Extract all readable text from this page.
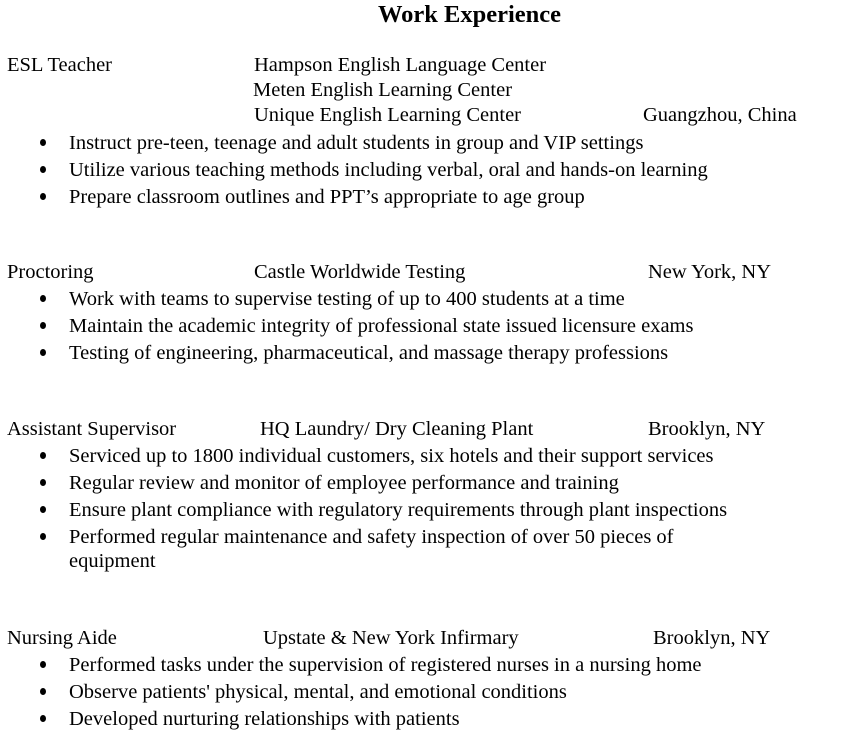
Work Experience
ESL Teacher	Hampson English Language Center
Meten English Learning Center
Unique English Learning Center	Guangzhou, China
Instruct pre-teen, teenage and adult students in group and VIP settings
Utilize various teaching methods including verbal, oral and hands-on learning
Prepare classroom outlines and PPT’s appropriate to age group
Proctoring	Castle Worldwide Testing	New York, NY
Work with teams to supervise testing of up to 400 students at a time
Maintain the academic integrity of professional state issued licensure exams
Testing of engineering, pharmaceutical, and massage therapy professions
Assistant Supervisor	HQ Laundry/ Dry Cleaning Plant	Brooklyn, NY
Serviced up to 1800 individual customers, six hotels and their support services
Regular review and monitor of employee performance and training
Ensure plant compliance with regulatory requirements through plant inspections
Performed regular maintenance and safety inspection of over 50 pieces of equipment
Nursing Aide	Upstate & New York Infirmary	Brooklyn, NY
Performed tasks under the supervision of registered nurses in a nursing home
Observe patients' physical, mental, and emotional conditions
Developed nurturing relationships with patients
